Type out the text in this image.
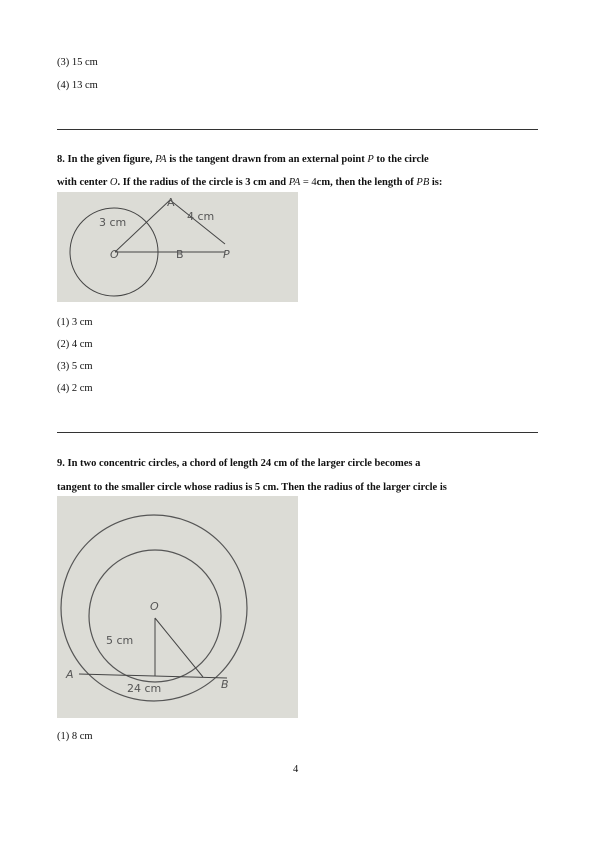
(3) 15 cm
(4) 13 cm
8. In the given figure, PA is the tangent drawn from an external point P to the circle
with center O. If the radius of the circle is 3 cm and PA = 4cm, then the length of PB is:
3 cm	4 cm
A
O	B	P
(1) 3 cm
(2) 4 cm
(3) 5 cm
(4) 2 cm
9. In two concentric circles, a chord of length 24 cm of the larger circle becomes a
tangent to the smaller circle whose radius is 5 cm. Then the radius of the larger circle is
O
5 cm
24 cm
A
B
(1) 8 cm
4
